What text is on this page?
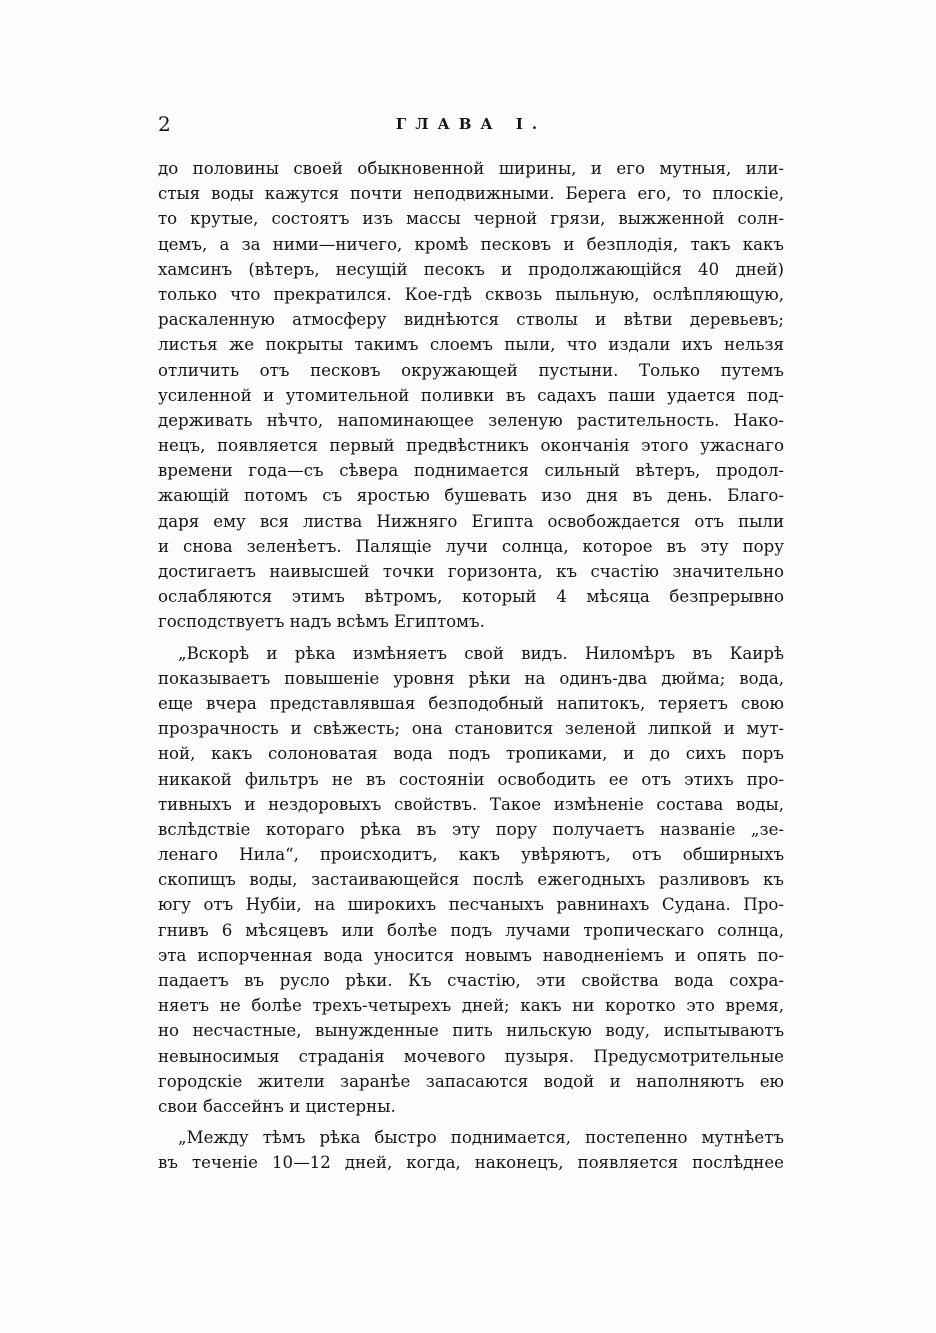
2	ГЛАВА I.
до половины своей обыкновенной ширины, и его мутныя, или-
стыя воды кажутся почти неподвижными. Берега его, то плоскіе,
то крутые, состоятъ изъ массы черной грязи, выжженной солн-
цемъ, а за ними—ничего, кромѣ песковъ и безплодія, такъ какъ
хамсинъ (вѣтеръ, несущій песокъ и продолжающійся 40 дней)
только что прекратился. Кое-гдѣ сквозь пыльную, ослѣпляющую,
раскаленную атмосферу виднѣются стволы и вѣтви деревьевъ;
листья же покрыты такимъ слоемъ пыли, что издали ихъ нельзя
отличить отъ песковъ окружающей пустыни. Только путемъ
усиленной и утомительной поливки въ садахъ паши удается под-
держивать нѣчто, напоминающее зеленую растительность. Нако-
нецъ, появляется первый предвѣстникъ окончанія этого ужаснаго
времени года—съ сѣвера поднимается сильный вѣтеръ, продол-
жающій потомъ съ яростью бушевать изо дня въ день. Благо-
даря ему вся листва Нижняго Египта освобождается отъ пыли
и снова зеленѣетъ. Палящіе лучи солнца, которое въ эту пору
достигаетъ наивысшей точки горизонта, къ счастію значительно
ослабляются этимъ вѣтромъ, который 4 мѣсяца безпрерывно
господствуетъ надъ всѣмъ Египтомъ.
„Вскорѣ и рѣка измѣняетъ свой видъ. Ниломѣръ въ Каирѣ
показываетъ повышеніе уровня рѣки на одинъ-два дюйма; вода,
еще вчера представлявшая безподобный напитокъ, теряетъ свою
прозрачность и свѣжесть; она становится зеленой липкой и мут-
ной, какъ солоноватая вода подъ тропиками, и до сихъ поръ
никакой фильтръ не въ состояніи освободить ее отъ этихъ про-
тивныхъ и нездоровыхъ свойствъ. Такое измѣненіе состава воды,
вслѣдствіе котораго рѣка въ эту пору получаетъ названіе „зе-
ленаго Нила“, происходитъ, какъ увѣряютъ, отъ обширныхъ
скопищъ воды, застаивающейся послѣ ежегодныхъ разливовъ къ
югу отъ Нубіи, на широкихъ песчаныхъ равнинахъ Судана. Про-
гнивъ 6 мѣсяцевъ или болѣе подъ лучами тропическаго солнца,
эта испорченная вода уносится новымъ наводненіемъ и опять по-
падаетъ въ русло рѣки. Къ счастію, эти свойства вода сохра-
няетъ не болѣе трехъ-четырехъ дней; какъ ни коротко это время,
но несчастные, вынужденные пить нильскую воду, испытываютъ
невыносимыя страданія мочевого пузыря. Предусмотрительные
городскіе жители заранѣе запасаются водой и наполняютъ ею
свои бассейнъ и цистерны.
„Между тѣмъ рѣка быстро поднимается, постепенно мутнѣетъ
въ теченіе 10—12 дней, когда, наконецъ, появляется послѣднее
